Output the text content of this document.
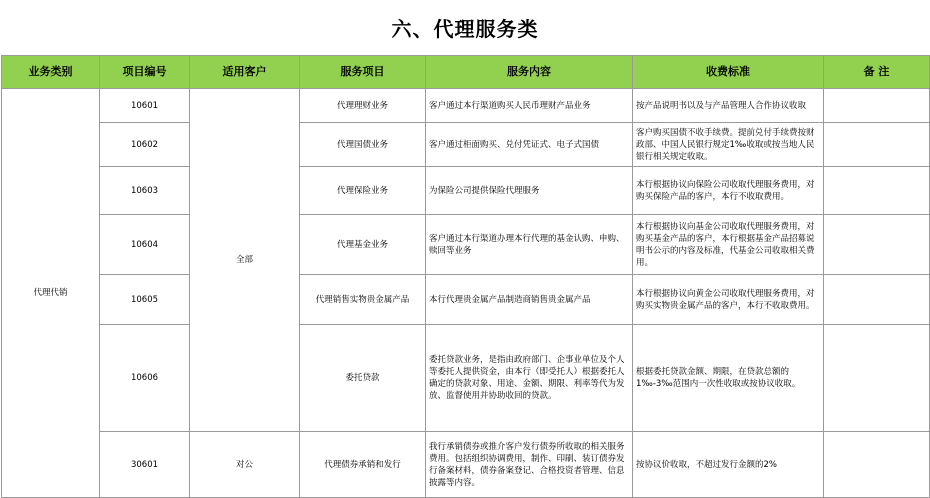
六、代理服务类
业务类别	项目编号	适用客户	服务项目	服务内容	收费标准	备 注
代理代销	10601	全部	代理理财业务	客户通过本行渠道购买人民币理财产品业务	按产品说明书以及与产品管理人合作协议收取	
	10602		代理国债业务	客户通过柜面购买、兑付凭证式、电子式国债	客户购买国债不收手续费。提前兑付手续费按财政部、中国人民银行规定1‰收取或按当地人民银行相关规定收取。	
	10603		代理保险业务	为保险公司提供保险代理服务	本行根据协议向保险公司收取代理服务费用，对购买保险产品的客户，本行不收取费用。	
	10604		代理基金业务	客户通过本行渠道办理本行代理的基金认购、申购、赎回等业务	本行根据协议向基金公司收取代理服务费用，对购买基金产品的客户，本行根据基金产品招募说明书公示的内容及标准，代基金公司收取相关费用。	
	10605		代理销售实物贵金属产品	本行代理贵金属产品制造商销售贵金属产品	本行根据协议向黄金公司收取代理服务费用，对购买实物贵金属产品的客户，本行不收取费用。	
	10606		委托贷款	委托贷款业务，是指由政府部门、企事业单位及个人等委托人提供资金，由本行（即受托人）根据委托人确定的贷款对象、用途、金额、期限、利率等代为发放、监督使用并协助收回的贷款。	根据委托贷款金额、期限，在贷款总额的1‰-3‰范围内一次性收取或按协议收取。	
	30601	对公	代理债券承销和发行	我行承销债券或推介客户发行债券所收取的相关服务费用。包括组织协调费用，制作、印刷、装订债券发行备案材料，债券备案登记、合格投资者管理、信息披露等内容。	按协议价收取，不超过发行金额的2%	
